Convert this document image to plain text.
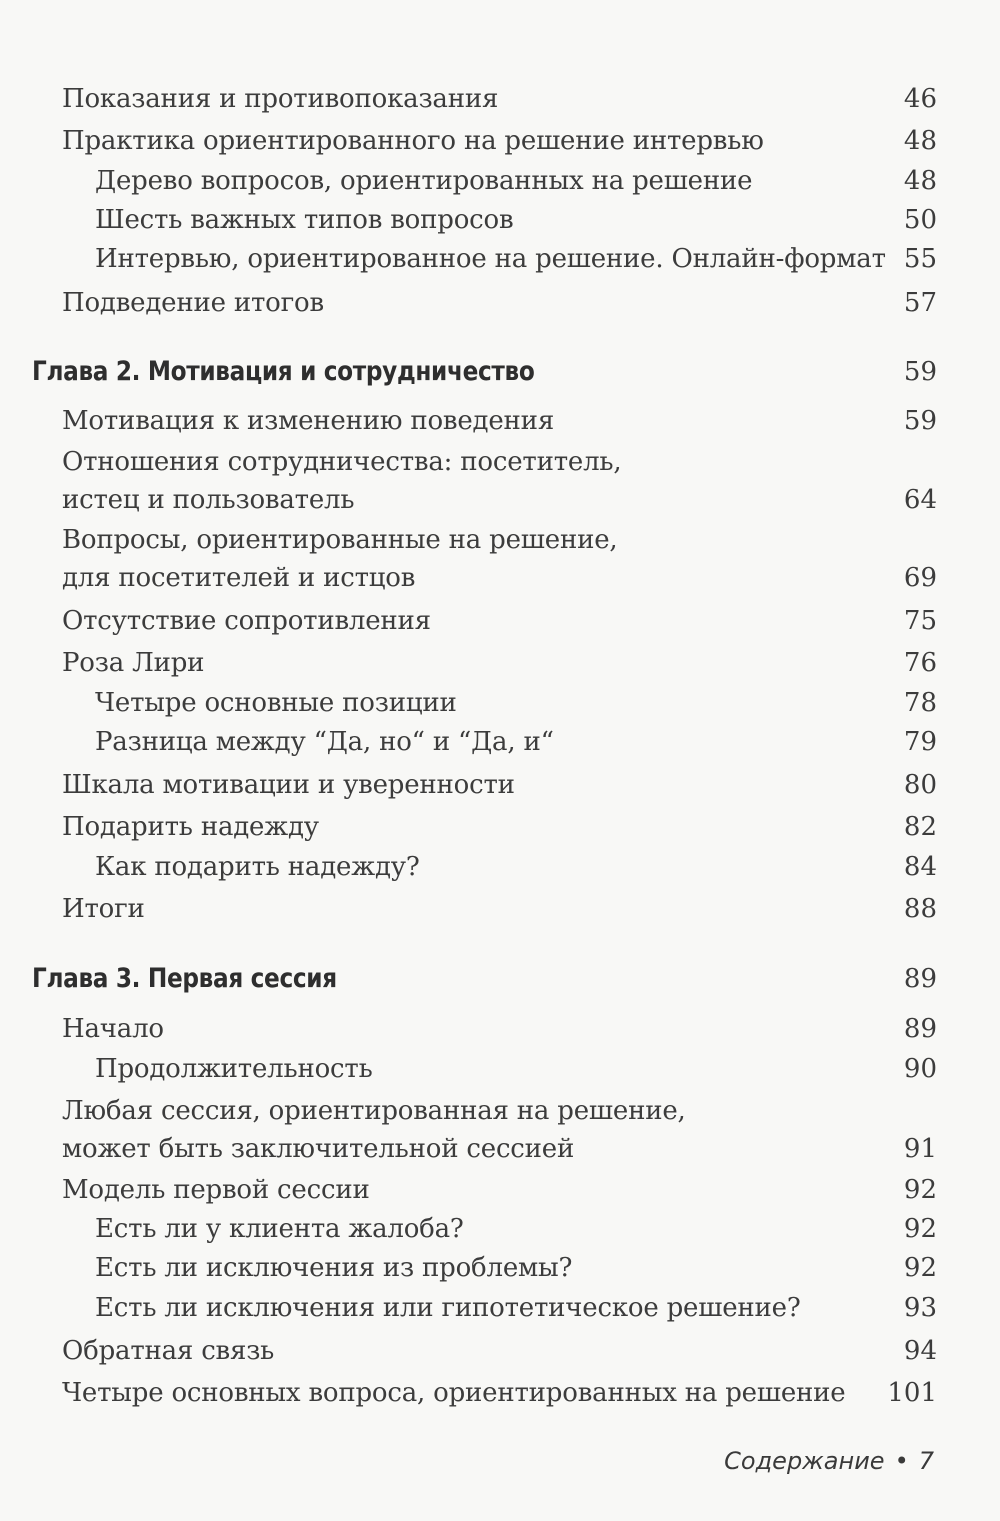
Показания и противопоказания	46
Практика ориентированного на решение интервью	48
Дерево вопросов, ориентированных на решение	48
Шесть важных типов вопросов	50
Интервью, ориентированное на решение. Онлайн-формат 55
Подведение итогов	57
Глава 2. Мотивация и сотрудничество	59
Мотивация к изменению поведения	59
Отношения сотрудничества: посетитель,
истец и пользователь	64
Вопросы, ориентированные на решение,
для посетителей и истцов	69
Отсутствие сопротивления	75
Роза Лири	76
Четыре основные позиции	78
Разница между “Да, но“ и “Да, и“	79
Шкала мотивации и уверенности	80
Подарить надежду	82
Как подарить надежду?	84
Итоги	88
Глава 3. Первая сессия	89
Начало	89
Продолжительность	90
Любая сессия, ориентированная на решение,
может быть заключительной сессией	91
Модель первой сессии	92
Есть ли у клиента жалоба?	92
Есть ли исключения из проблемы?	92
Есть ли исключения или гипотетическое решение?	93
Обратная связь	94
Четыре основных вопроса, ориентированных на решение 101
Содержание • 7
